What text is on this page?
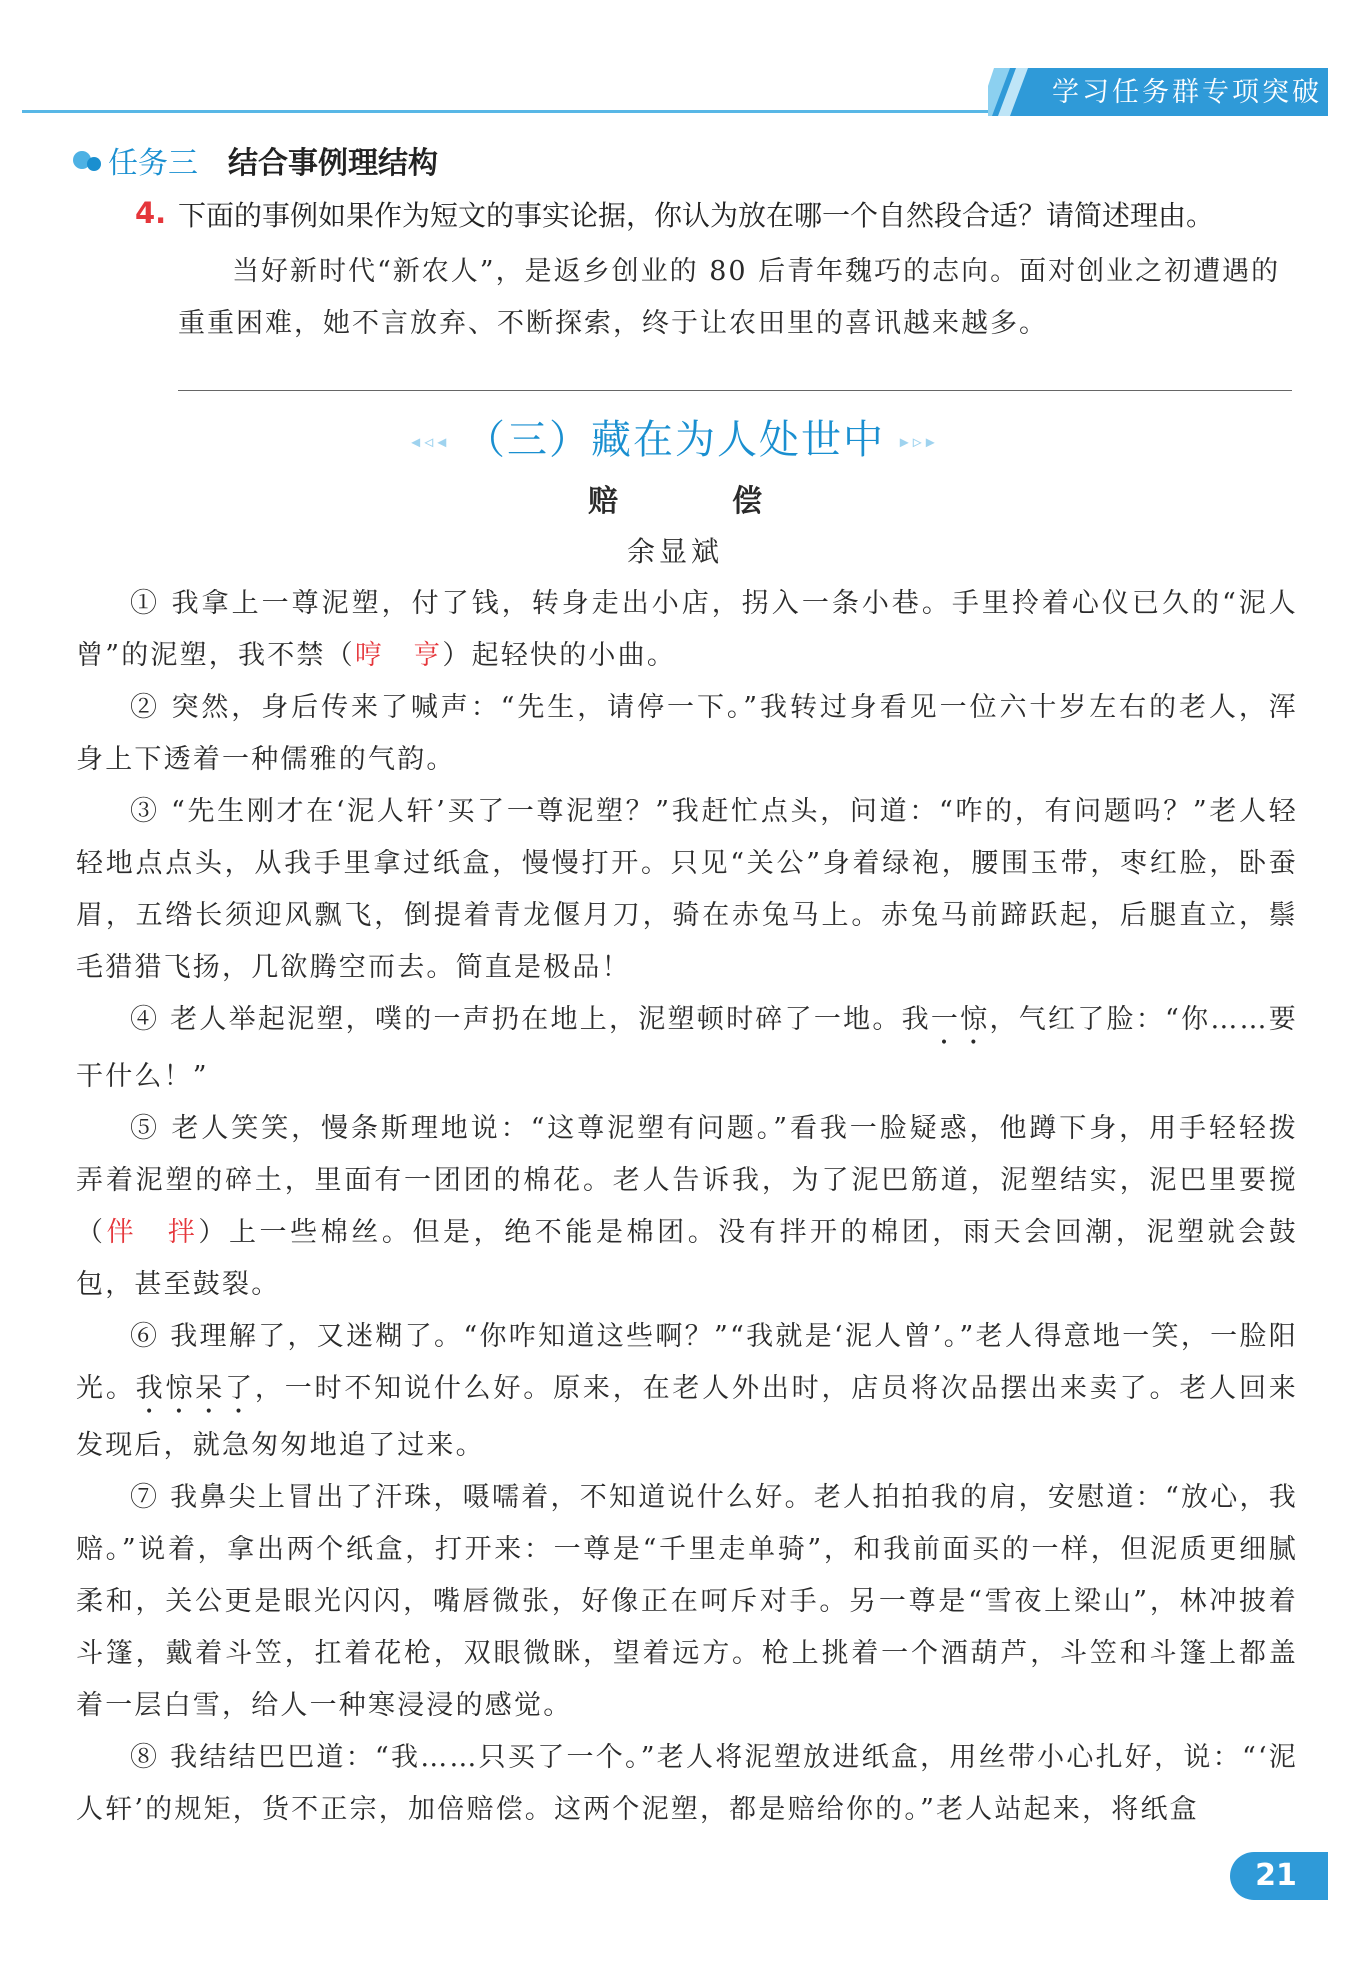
学习任务群专项突破
任务三 结合事例理结构
4. 下面的事例如果作为短文的事实论据，你认为放在哪一个自然段合适？请简述理由。
当好新时代“新农人”，是返乡创业的 80 后青年魏巧的志向。面对创业之初遭遇的重重困难，她不言放弃、不断探索，终于让农田里的喜讯越来越多。
◂◃◂ （三）藏在为人处世中 ▸▹▸
赔　偿
余显斌

① 我拿上一尊泥塑，付了钱，转身走出小店，拐入一条小巷。手里拎着心仪已久的“泥人曾”的泥塑，我不禁（哼　亨）起轻快的小曲。

② 突然，身后传来了喊声：“先生，请停一下。”我转过身看见一位六十岁左右的老人，浑身上下透着一种儒雅的气韵。

③ “先生刚才在‘泥人轩’买了一尊泥塑？”我赶忙点头，问道：“咋的，有问题吗？”老人轻轻地点点头，从我手里拿过纸盒，慢慢打开。只见“关公”身着绿袍，腰围玉带，枣红脸，卧蚕眉，五绺长须迎风飘飞，倒提着青龙偃月刀，骑在赤兔马上。赤兔马前蹄跃起，后腿直立，鬃毛猎猎飞扬，几欲腾空而去。简直是极品！

④ 老人举起泥塑，噗的一声扔在地上，泥塑顿时碎了一地。我一惊，气红了脸：“你……要干什么！”

⑤ 老人笑笑，慢条斯理地说：“这尊泥塑有问题。”看我一脸疑惑，他蹲下身，用手轻轻拨弄着泥塑的碎土，里面有一团团的棉花。老人告诉我，为了泥巴筋道，泥塑结实，泥巴里要搅（伴　拌）上一些棉丝。但是，绝不能是棉团。没有拌开的棉团，雨天会回潮，泥塑就会鼓包，甚至鼓裂。

⑥ 我理解了，又迷糊了。“你咋知道这些啊？”“我就是‘泥人曾’。”老人得意地一笑，一脸阳光。我惊呆了，一时不知说什么好。原来，在老人外出时，店员将次品摆出来卖了。老人回来发现后，就急匆匆地追了过来。

⑦ 我鼻尖上冒出了汗珠，嗫嚅着，不知道说什么好。老人拍拍我的肩，安慰道：“放心，我赔。”说着，拿出两个纸盒，打开来：一尊是“千里走单骑”，和我前面买的一样，但泥质更细腻柔和，关公更是眼光闪闪，嘴唇微张，好像正在呵斥对手。另一尊是“雪夜上梁山”，林冲披着斗篷，戴着斗笠，扛着花枪，双眼微眯，望着远方。枪上挑着一个酒葫芦，斗笠和斗篷上都盖着一层白雪，给人一种寒浸浸的感觉。

⑧ 我结结巴巴道：“我……只买了一个。”老人将泥塑放进纸盒，用丝带小心扎好，说：“‘泥人轩’的规矩，货不正宗，加倍赔偿。这两个泥塑，都是赔给你的。”老人站起来，将纸盒

21
